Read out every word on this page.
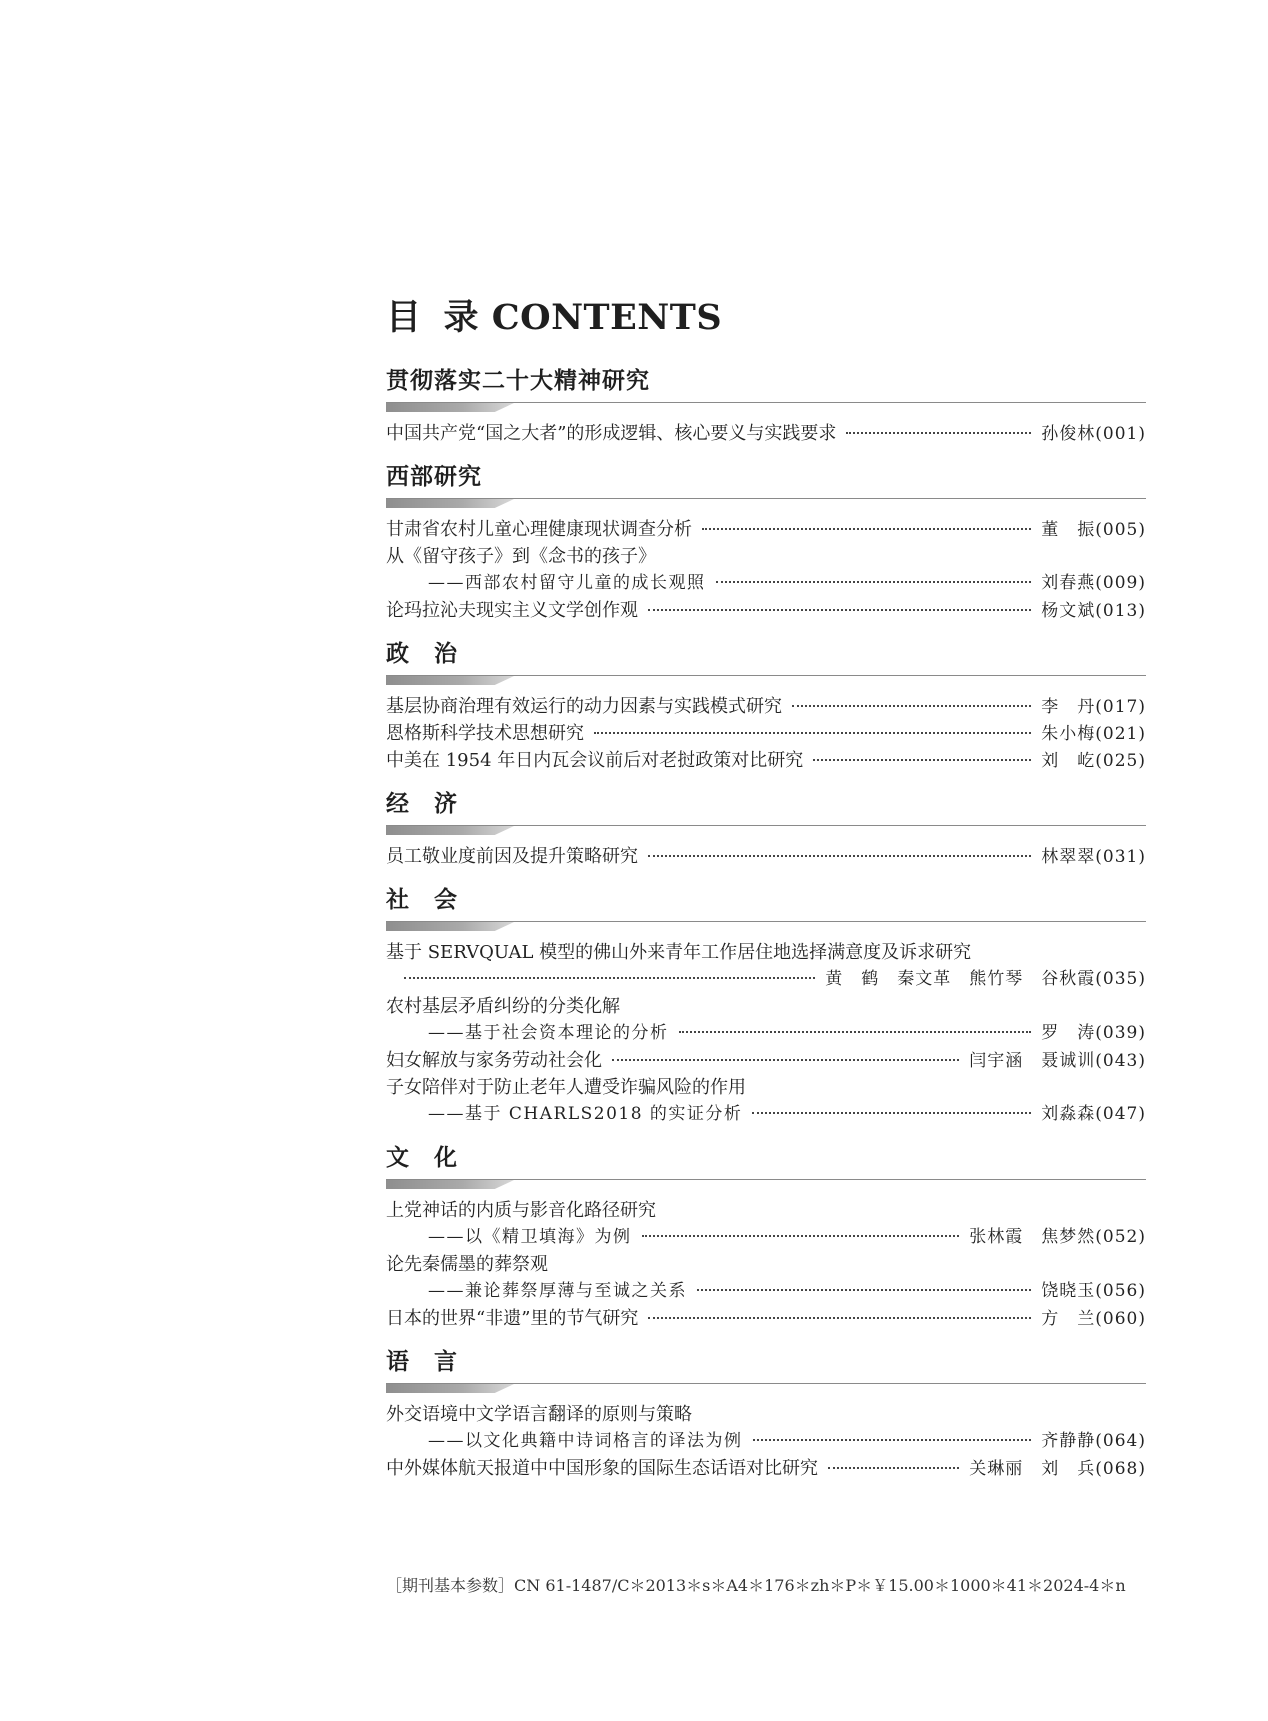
目 录 CONTENTS
贯彻落实二十大精神研究
中国共产党“国之大者”的形成逻辑、核心要义与实践要求	孙俊林(001)
西部研究
甘肃省农村儿童心理健康现状调查分析	董　振(005)
从《留守孩子》到《念书的孩子》
——西部农村留守儿童的成长观照	刘春燕(009)
论玛拉沁夫现实主义文学创作观	杨文斌(013)
政　治
基层协商治理有效运行的动力因素与实践模式研究	李　丹(017)
恩格斯科学技术思想研究	朱小梅(021)
中美在 1954 年日内瓦会议前后对老挝政策对比研究	刘　屹(025)
经　济
员工敬业度前因及提升策略研究	林翠翠(031)
社　会
基于 SERVQUAL 模型的佛山外来青年工作居住地选择满意度及诉求研究
黄　鹤　秦文革　熊竹琴　谷秋霞(035)
农村基层矛盾纠纷的分类化解
——基于社会资本理论的分析	罗　涛(039)
妇女解放与家务劳动社会化	闫宇涵　聂诚训(043)
子女陪伴对于防止老年人遭受诈骗风险的作用
——基于 CHARLS2018 的实证分析	刘淼森(047)
文　化
上党神话的内质与影音化路径研究
——以《精卫填海》为例	张林霞　焦梦然(052)
论先秦儒墨的葬祭观
——兼论葬祭厚薄与至诚之关系	饶晓玉(056)
日本的世界“非遗”里的节气研究	方　兰(060)
语　言
外交语境中文学语言翻译的原则与策略
——以文化典籍中诗词格言的译法为例	齐静静(064)
中外媒体航天报道中中国形象的国际生态话语对比研究	关琳丽　刘　兵(068)
［期刊基本参数］CN 61-1487/C＊2013＊s＊A4＊176＊zh＊P＊￥15.00＊1000＊41＊2024-4＊n
